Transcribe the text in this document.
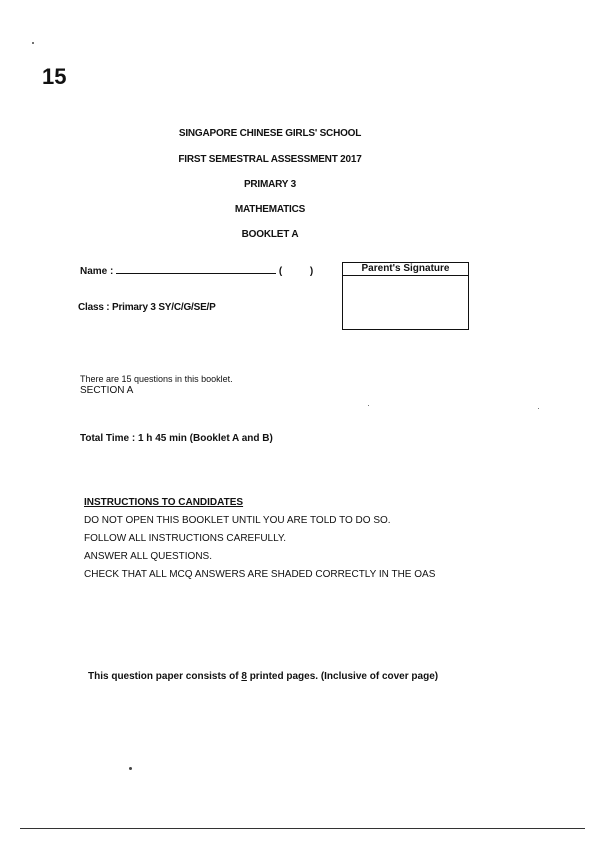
15
SINGAPORE CHINESE GIRLS' SCHOOL
FIRST SEMESTRAL ASSESSMENT 2017
PRIMARY 3
MATHEMATICS
BOOKLET A
Name :	(	)
Class : Primary 3 SY/C/G/SE/P
Parent's Signature
There are 15 questions in this booklet.
SECTION A
Total Time : 1 h 45 min (Booklet A and B)
INSTRUCTIONS TO CANDIDATES
DO NOT OPEN THIS BOOKLET UNTIL YOU ARE TOLD TO DO SO.
FOLLOW ALL INSTRUCTIONS CAREFULLY.
ANSWER ALL QUESTIONS.
CHECK THAT ALL MCQ ANSWERS ARE SHADED CORRECTLY IN THE OAS
This question paper consists of 8 printed pages. (Inclusive of cover page)
